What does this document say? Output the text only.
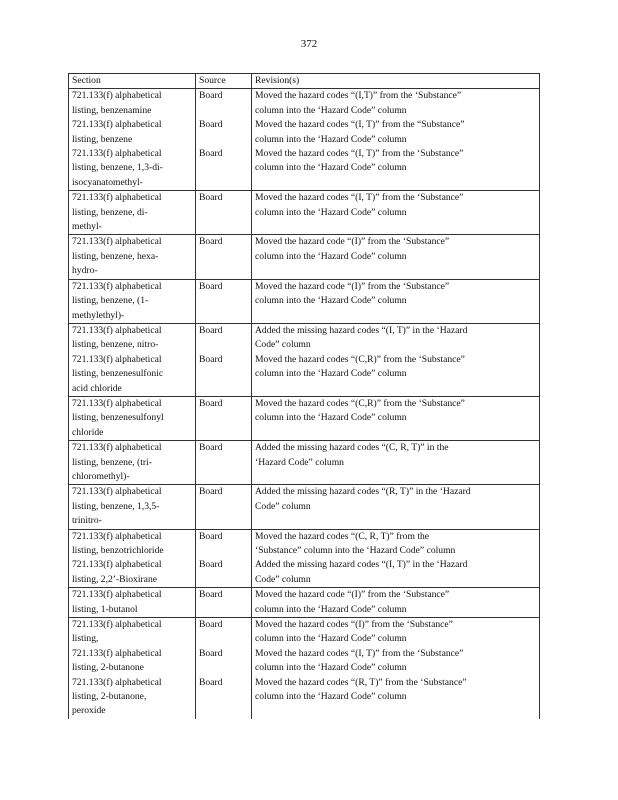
372
Section	Source	Revision(s)

721.133(f) alphabetical
listing, benzenamine	Board	Moved the hazard codes “(I,T)” from the ‘Substance”
column into the ‘Hazard Code” column

721.133(f) alphabetical
listing, benzene	Board	Moved the hazard codes “(I, T)” from the “Substance”
column into the ‘Hazard Code” column

721.133(f) alphabetical
listing, benzene, 1,3-di-
isocyanatomethyl-	Board	Moved the hazard codes “(I, T)” from the ‘Substance”
column into the ‘Hazard Code” column

721.133(f) alphabetical
listing, benzene, di-
methyl-	Board	Moved the hazard codes “(I, T)” from the ‘Substance”
column into the ‘Hazard Code” column

721.133(f) alphabetical
listing, benzene, hexa-
hydro-	Board	Moved the hazard code “(I)” from the ‘Substance”
column into the ‘Hazard Code” column

721.133(f) alphabetical
listing, benzene, (1-
methylethyl)-	Board	Moved the hazard code “(I)” from the ‘Substance”
column into the ‘Hazard Code” column

721.133(f) alphabetical
listing, benzene, nitro-	Board	Added the missing hazard codes “(I, T)” in the ‘Hazard
Code” column

721.133(f) alphabetical
listing, benzenesulfonic
acid chloride	Board	Moved the hazard codes “(C,R)” from the ‘Substance”
column into the ‘Hazard Code” column

721.133(f) alphabetical
listing, benzenesulfonyl
chloride	Board	Moved the hazard codes “(C,R)” from the ‘Substance”
column into the ‘Hazard Code” column

721.133(f) alphabetical
listing, benzene, (tri-
chloromethyl)-	Board	Added the missing hazard codes “(C, R, T)” in the
‘Hazard Code” column

721.133(f) alphabetical
listing, benzene, 1,3,5-
trinitro-	Board	Added the missing hazard codes “(R, T)” in the ‘Hazard
Code” column

721.133(f) alphabetical
listing, benzotrichloride	Board	Moved the hazard codes “(C, R, T)” from the
‘Substance” column into the ‘Hazard Code” column

721.133(f) alphabetical
listing, 2,2’-Bioxirane	Board	Added the missing hazard codes “(I, T)” in the ‘Hazard
Code” column

721.133(f) alphabetical
listing, 1-butanol	Board	Moved the hazard code “(I)” from the ‘Substance”
column into the ‘Hazard Code” column

721.133(f) alphabetical
listing,	Board	Moved the hazard codes “(I)” from the ‘Substance”
column into the ‘Hazard Code” column

721.133(f) alphabetical
listing, 2-butanone	Board	Moved the hazard codes “(I, T)” from the ‘Substance”
column into the ‘Hazard Code” column

721.133(f) alphabetical
listing, 2-butanone,
peroxide	Board	Moved the hazard codes “(R, T)” from the ‘Substance”
column into the ‘Hazard Code” column
